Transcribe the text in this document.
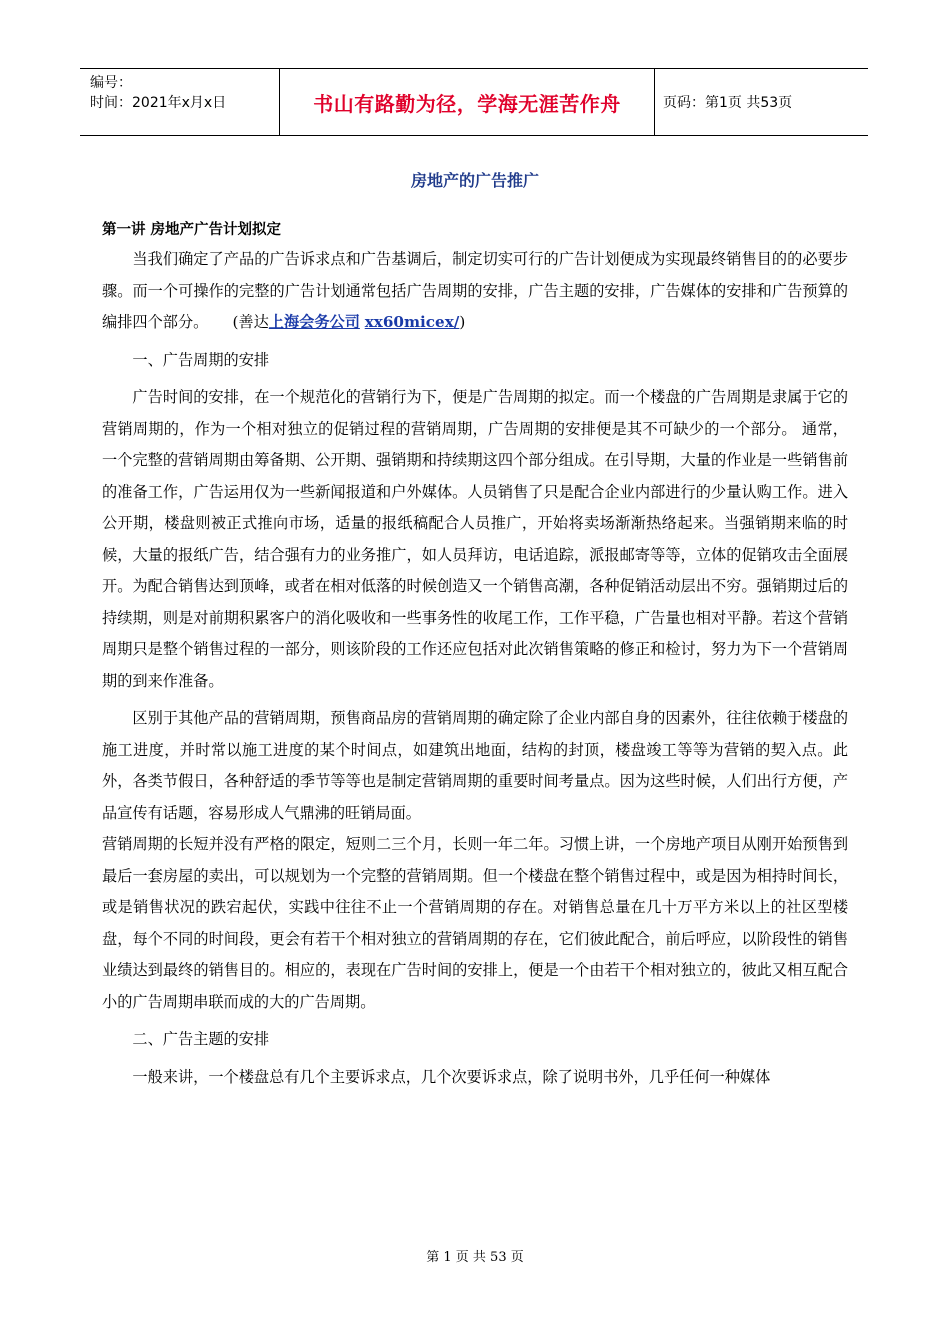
编号：
时间：2021年x月x日	书山有路勤为径，学海无涯苦作舟	页码：第1页 共53页
房地产的广告推广

第一讲 房地产广告计划拟定

当我们确定了产品的广告诉求点和广告基调后，制定切实可行的广告计划便成为实现最终销售目的的必要步骤。而一个可操作的完整的广告计划通常包括广告周期的安排，广告主题的安排，广告媒体的安排和广告预算的编排四个部分。 (善达上海会务公司 xx60micex/)

一、广告周期的安排

广告时间的安排，在一个规范化的营销行为下，便是广告周期的拟定。而一个楼盘的广告周期是隶属于它的营销周期的，作为一个相对独立的促销过程的营销周期，广告周期的安排便是其不可缺少的一个部分。 通常，一个完整的营销周期由筹备期、公开期、强销期和持续期这四个部分组成。在引导期，大量的作业是一些销售前的准备工作，广告运用仅为一些新闻报道和户外媒体。人员销售了只是配合企业内部进行的少量认购工作。进入公开期，楼盘则被正式推向市场，适量的报纸稿配合人员推广，开始将卖场渐渐热络起来。当强销期来临的时候，大量的报纸广告，结合强有力的业务推广，如人员拜访，电话追踪，派报邮寄等等，立体的促销攻击全面展开。为配合销售达到顶峰，或者在相对低落的时候创造又一个销售高潮，各种促销活动层出不穷。强销期过后的持续期，则是对前期积累客户的消化吸收和一些事务性的收尾工作，工作平稳，广告量也相对平静。若这个营销周期只是整个销售过程的一部分，则该阶段的工作还应包括对此次销售策略的修正和检讨，努力为下一个营销周期的到来作准备。

区别于其他产品的营销周期，预售商品房的营销周期的确定除了企业内部自身的因素外，往往依赖于楼盘的施工进度，并时常以施工进度的某个时间点，如建筑出地面，结构的封顶，楼盘竣工等等为营销的契入点。此外，各类节假日，各种舒适的季节等等也是制定营销周期的重要时间考量点。因为这些时候，人们出行方便，产品宣传有话题，容易形成人气鼎沸的旺销局面。

营销周期的长短并没有严格的限定，短则二三个月，长则一年二年。习惯上讲，一个房地产项目从刚开始预售到最后一套房屋的卖出，可以规划为一个完整的营销周期。但一个楼盘在整个销售过程中，或是因为相持时间长， 或是销售状况的跌宕起伏，实践中往往不止一个营销周期的存在。对销售总量在几十万平方米以上的社区型楼盘，每个不同的时间段，更会有若干个相对独立的营销周期的存在，它们彼此配合，前后呼应，以阶段性的销售业绩达到最终的销售目的。相应的，表现在广告时间的安排上，便是一个由若干个相对独立的，彼此又相互配合小的广告周期串联而成的大的广告周期。

二、广告主题的安排

一般来讲，一个楼盘总有几个主要诉求点，几个次要诉求点，除了说明书外，几乎任何一种媒体

第 1 页 共 53 页
